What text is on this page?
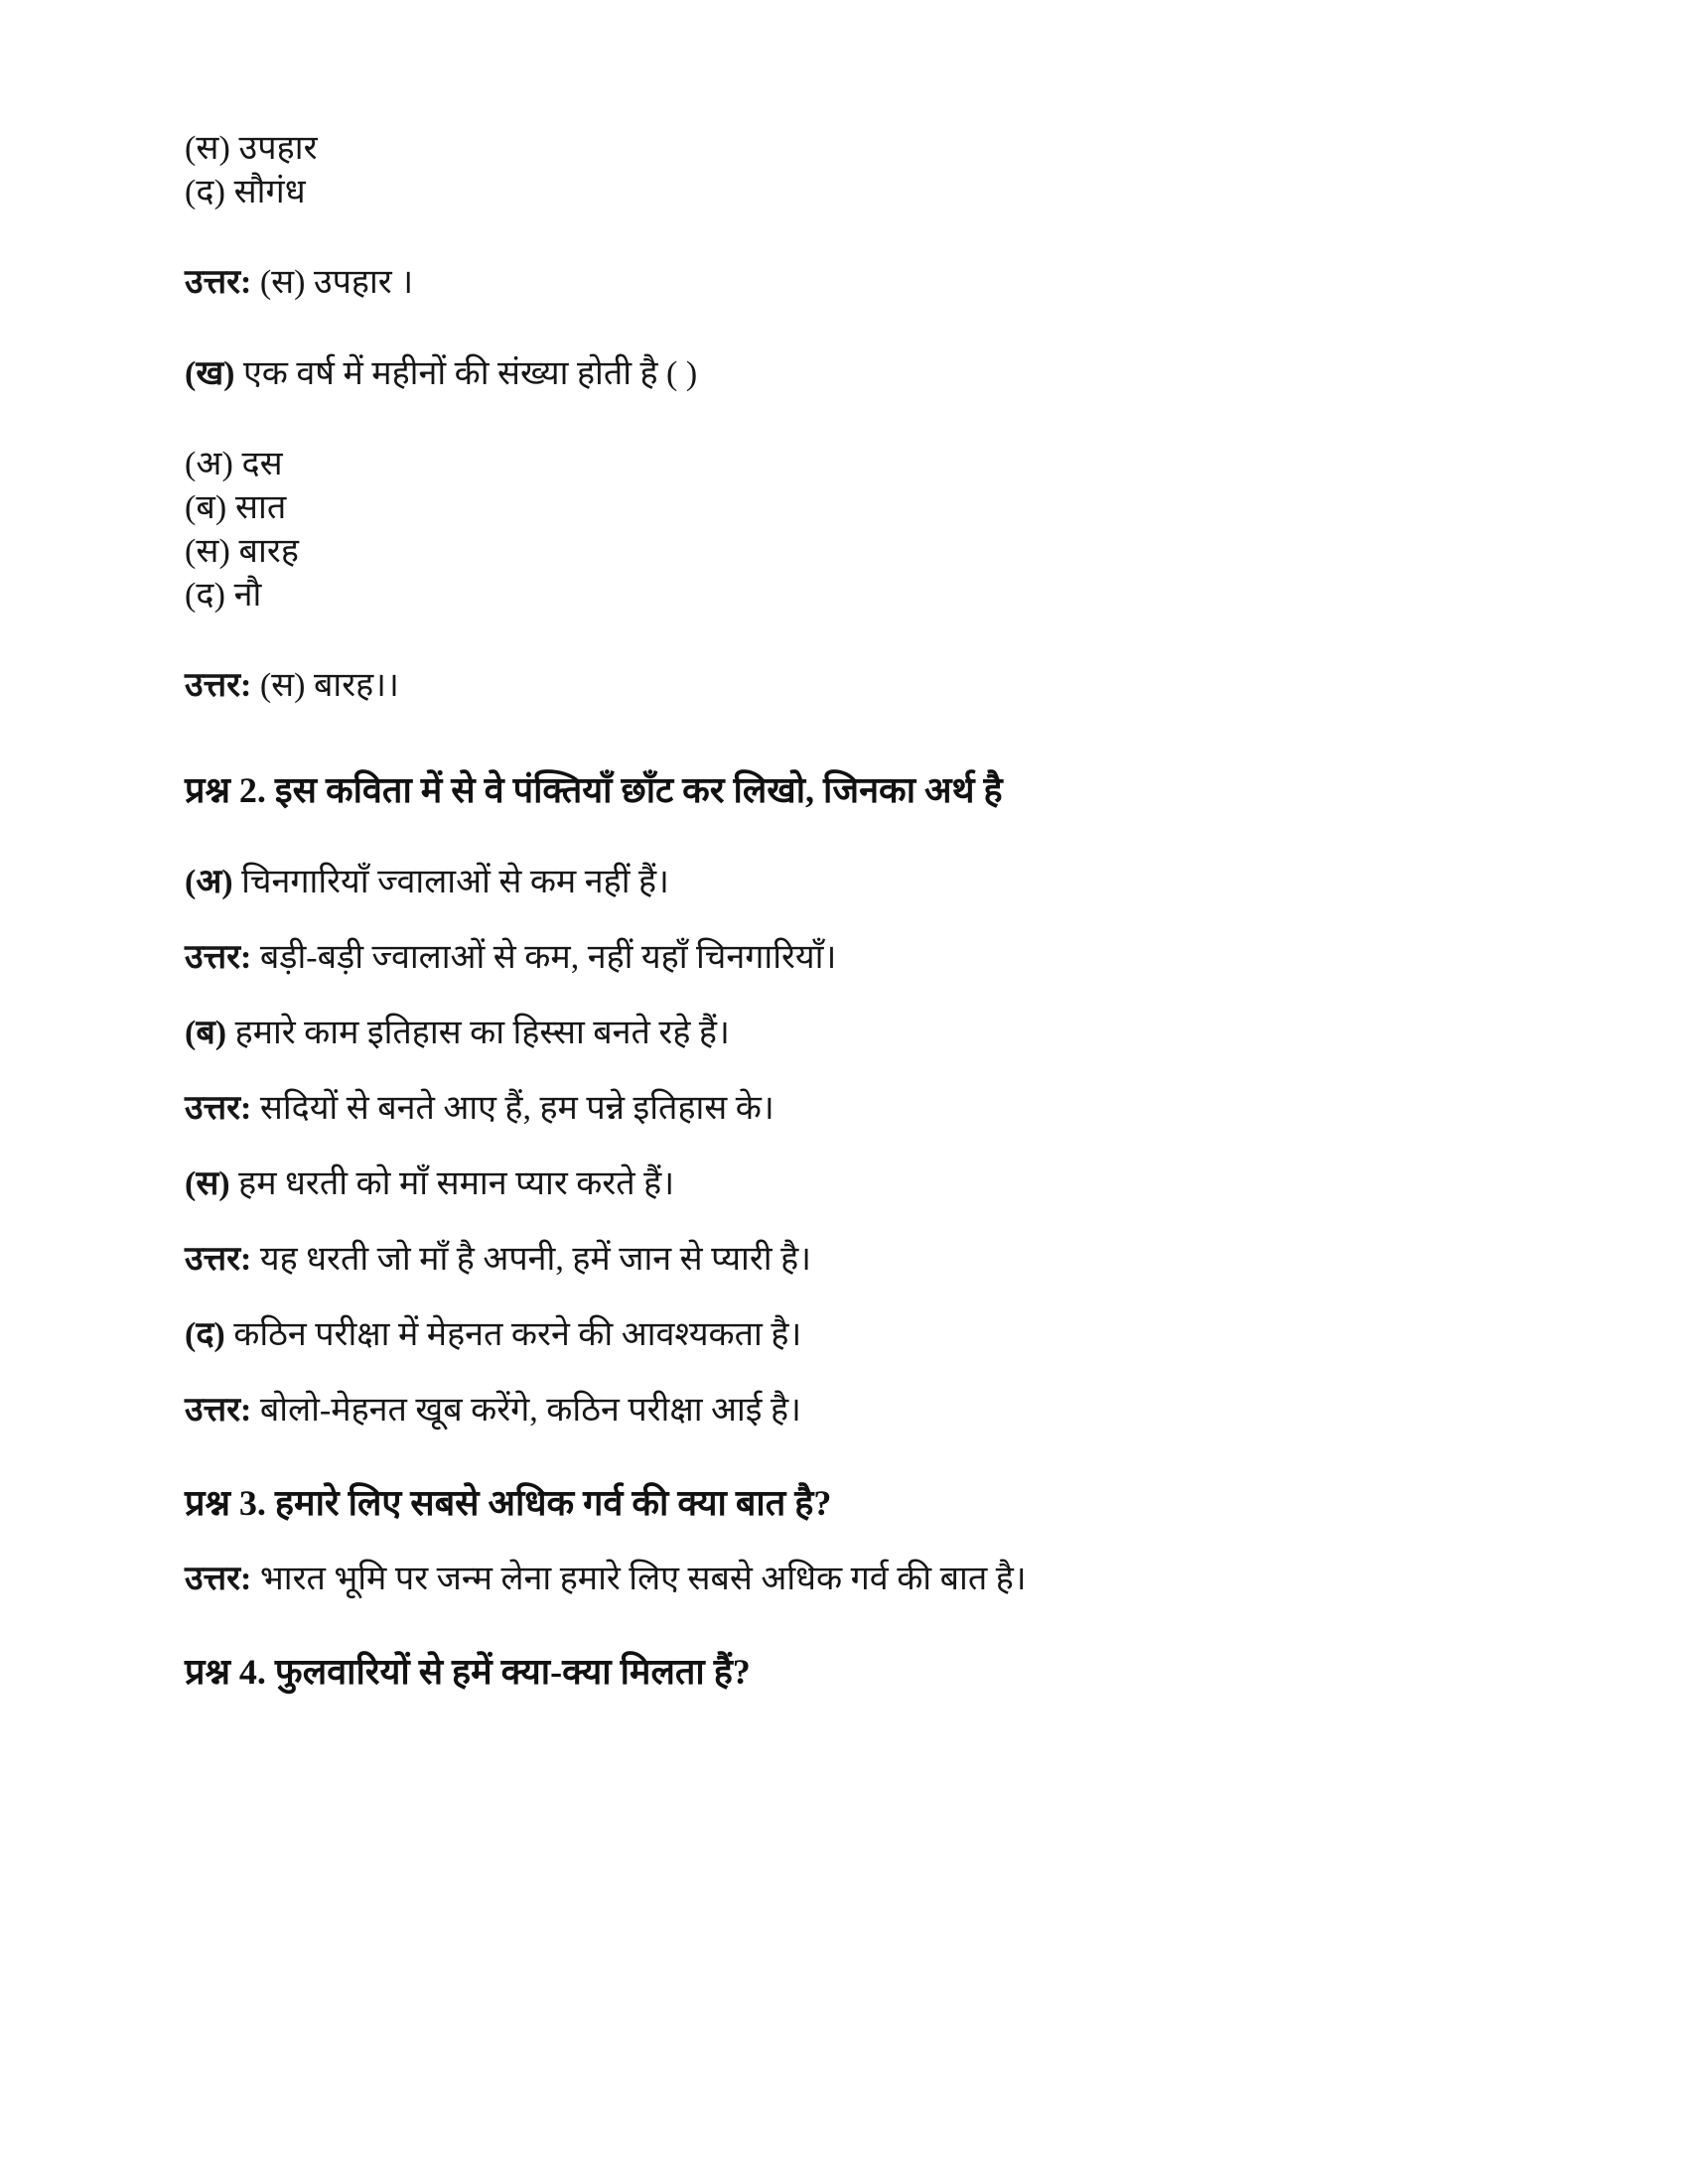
(स) उपहार
(द) सौगंध
उत्तर: (स) उपहार ।
(ख) एक वर्ष में महीनों की संख्या होती है ( )
(अ) दस
(ब) सात
(स) बारह
(द) नौ
उत्तर: (स) बारह।।
प्रश्न 2. इस कविता में से वे पंक्तियाँ छाँट कर लिखो, जिनका अर्थ है
(अ) चिनगारियाँ ज्वालाओं से कम नहीं हैं।
उत्तर: बड़ी-बड़ी ज्वालाओं से कम, नहीं यहाँ चिनगारियाँ।
(ब) हमारे काम इतिहास का हिस्सा बनते रहे हैं।
उत्तर: सदियों से बनते आए हैं, हम पन्ने इतिहास के।
(स) हम धरती को माँ समान प्यार करते हैं।
उत्तर: यह धरती जो माँ है अपनी, हमें जान से प्यारी है।
(द) कठिन परीक्षा में मेहनत करने की आवश्यकता है।
उत्तर: बोलो-मेहनत खूब करेंगे, कठिन परीक्षा आई है।
प्रश्न 3. हमारे लिए सबसे अधिक गर्व की क्या बात है?
उत्तर: भारत भूमि पर जन्म लेना हमारे लिए सबसे अधिक गर्व की बात है।
प्रश्न 4. फुलवारियों से हमें क्या-क्या मिलता हैं?
